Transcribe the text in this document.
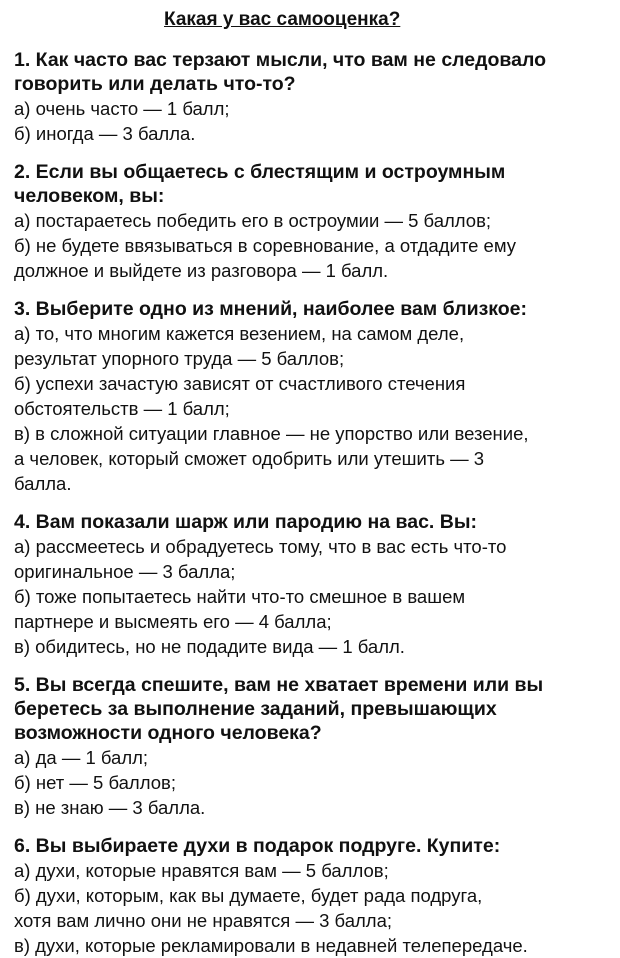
Какая у вас самооценка?

1. Как часто вас терзают мысли, что вам не следовало

говорить или делать что-то?

а) очень часто — 1 балл;

б) иногда — 3 балла.

2. Если вы общаетесь с блестящим и остроумным

человеком, вы:

а) постараетесь победить его в остроумии — 5 баллов;

б) не будете ввязываться в соревнование, а отдадите ему

должное и выйдете из разговора — 1 балл.

3. Выберите одно из мнений, наиболее вам близкое:

а) то, что многим кажется везением, на самом деле,

результат упорного труда — 5 баллов;

б) успехи зачастую зависят от счастливого стечения

обстоятельств — 1 балл;

в) в сложной ситуации главное — не упорство или везение,

а человек, который сможет одобрить или утешить — 3

балла.

4. Вам показали шарж или пародию на вас. Вы:

а) рассмеетесь и обрадуетесь тому, что в вас есть что-то

оригинальное — 3 балла;

б) тоже попытаетесь найти что-то смешное в вашем

партнере и высмеять его — 4 балла;

в) обидитесь, но не подадите вида — 1 балл.

5. Вы всегда спешите, вам не хватает времени или вы

беретесь за выполнение заданий, превышающих

возможности одного человека?

а) да — 1 балл;

б) нет — 5 баллов;

в) не знаю — 3 балла.

6. Вы выбираете духи в подарок подруге. Купите:

а) духи, которые нравятся вам — 5 баллов;

б) духи, которым, как вы думаете, будет рада подруга,

хотя вам лично они не нравятся — 3 балла;

в) духи, которые рекламировали в недавней телепередаче.
